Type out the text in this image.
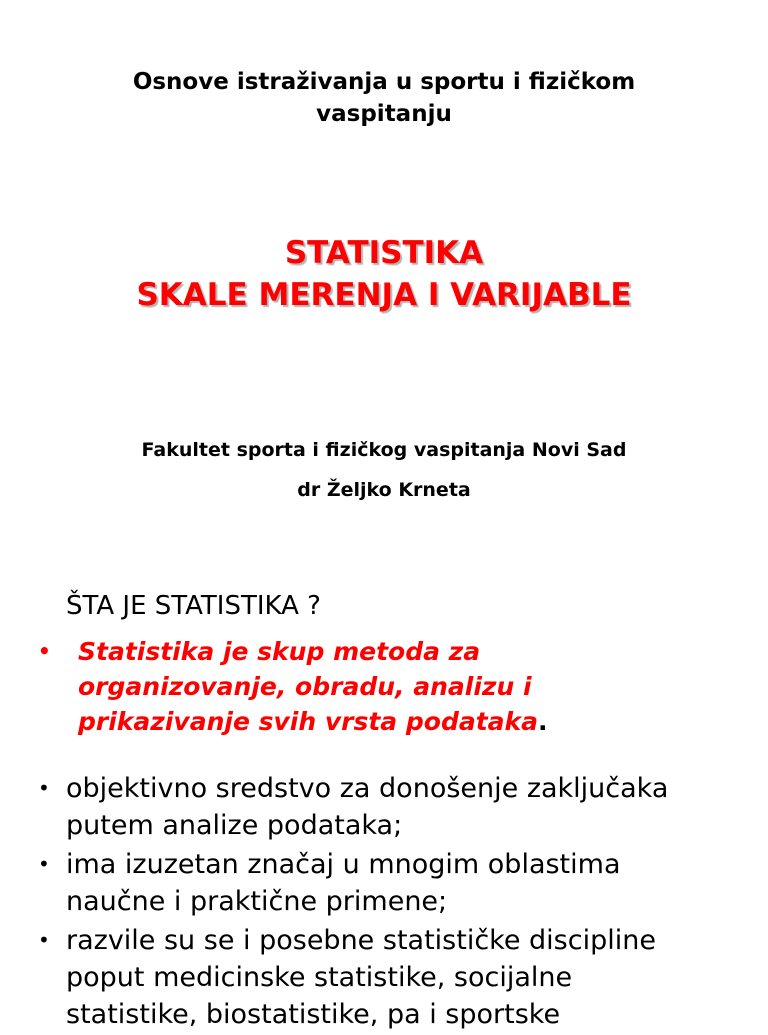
Osnove istraživanja u sportu i fizičkom
vaspitanju
STATISTIKA
SKALE MERENJA I VARIJABLE
Fakultet sporta i fizičkog vaspitanja Novi Sad
dr Željko Krneta
ŠTA JE STATISTIKA ?
• Statistika je skup metoda za
organizovanje, obradu, analizu i
prikazivanje svih vrsta podataka.
• objektivno sredstvo za donošenje zaključaka
putem analize podataka;
• ima izuzetan značaj u mnogim oblastima
naučne i praktične primene;
• razvile su se i posebne statističke discipline
poput medicinske statistike, socijalne
statistike, biostatistike, pa i sportske
